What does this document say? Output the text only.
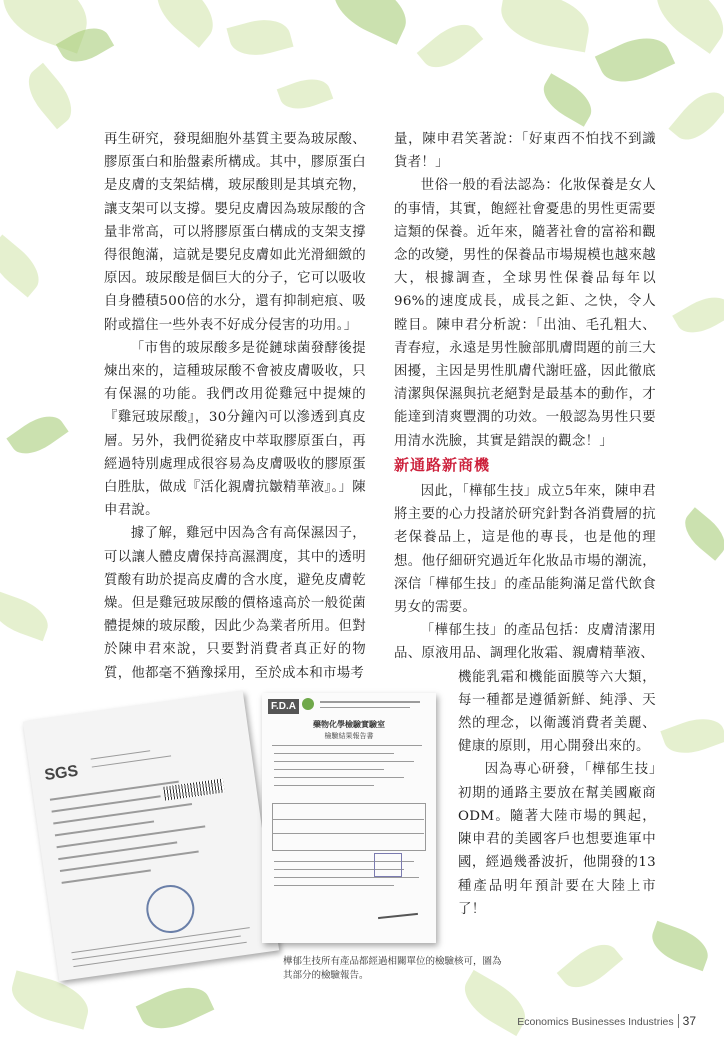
再生研究，發現細胞外基質主要為玻尿酸、膠原蛋白和胎盤素所構成。其中，膠原蛋白是皮膚的支架結構，玻尿酸則是其填充物，讓支架可以支撐。嬰兒皮膚因為玻尿酸的含量非常高，可以將膠原蛋白構成的支架支撐得很飽滿，這就是嬰兒皮膚如此光滑細緻的原因。玻尿酸是個巨大的分子，它可以吸收自身體積500倍的水分，還有抑制疤痕、吸附或擋住一些外表不好成分侵害的功用。」

「市售的玻尿酸多是從鏈球菌發酵後提煉出來的，這種玻尿酸不會被皮膚吸收，只有保濕的功能。我們改用從雞冠中提煉的『雞冠玻尿酸』，30分鐘內可以滲透到真皮層。另外，我們從豬皮中萃取膠原蛋白，再經過特別處理成很容易為皮膚吸收的膠原蛋白胜肽，做成『活化親膚抗皺精華液』。」陳申君說。

據了解，雞冠中因為含有高保濕因子，可以讓人體皮膚保持高濕潤度，其中的透明質酸有助於提高皮膚的含水度，避免皮膚乾燥。但是雞冠玻尿酸的價格遠高於一般從菌體提煉的玻尿酸，因此少為業者所用。但對於陳申君來說，只要對消費者真正好的物質，他都毫不猶豫採用，至於成本和市場考

量，陳申君笑著說：「好東西不怕找不到識貨者！」

世俗一般的看法認為：化妝保養是女人的事情，其實，飽經社會憂患的男性更需要這類的保養。近年來，隨著社會的富裕和觀念的改變，男性的保養品市場規模也越來越大，根據調查，全球男性保養品每年以96%的速度成長，成長之鉅、之快，令人瞠目。陳申君分析說：「出油、毛孔粗大、青春痘，永遠是男性臉部肌膚問題的前三大困擾，主因是男性肌膚代謝旺盛，因此徹底清潔與保濕與抗老絕對是最基本的動作，才能達到清爽豐潤的功效。一般認為男性只要用清水洗臉，其實是錯誤的觀念！」

新通路新商機

因此，「樺郁生技」成立5年來，陳申君將主要的心力投諸於研究針對各消費層的抗老保養品上，這是他的專長，也是他的理想。他仔細研究過近年化妝品市場的潮流，深信「樺郁生技」的產品能夠滿足當代飲食男女的需要。

「樺郁生技」的產品包括：皮膚清潔用品、原液用品、調理化妝霜、親膚精華液、

機能乳霜和機能面膜等六大類，每一種都是遵循新鮮、純淨、天然的理念，以衛護消費者美麗、健康的原則，用心開發出來的。

因為專心研發，「樺郁生技」初期的通路主要放在幫美國廠商ODM。隨著大陸市場的興起，陳申君的美國客戶也想要進軍中國，經過幾番波折，他開發的13種產品明年預計要在大陸上市了！

SGS
F.D.A
藥物化學檢驗實驗室
檢驗結果報告書
樺郁生技所有產品都經過相關單位的檢驗核可，圖為其部分的檢驗報告。
Economics Businesses Industries 37
